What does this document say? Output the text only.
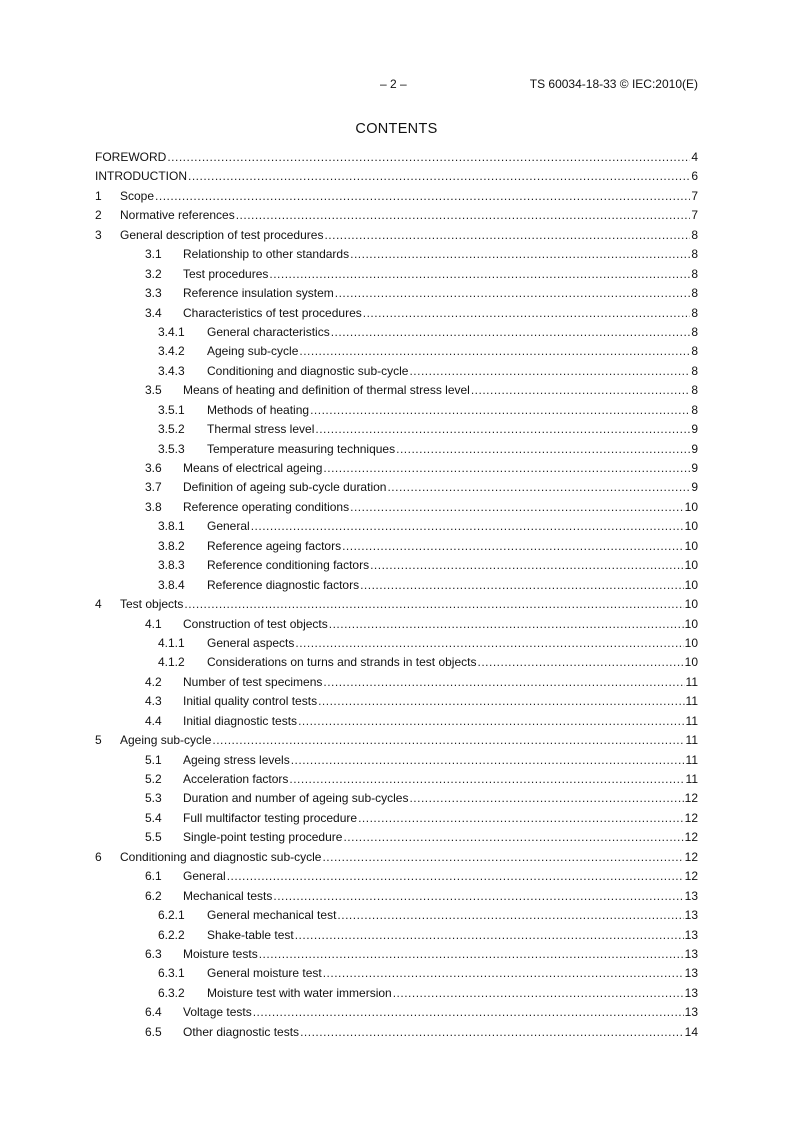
– 2 –	TS 60034-18-33 © IEC:2010(E)
CONTENTS
FOREWORD .....	4
INTRODUCTION .....	6
1	Scope .....	7
2	Normative references .....	7
3	General description of test procedures .....	8
3.1	Relationship to other standards .....	8
3.2	Test procedures .....	8
3.3	Reference insulation system .....	8
3.4	Characteristics of test procedures .....	8
3.4.1	General characteristics .....	8
3.4.2	Ageing sub-cycle .....	8
3.4.3	Conditioning and diagnostic sub-cycle .....	8
3.5	Means of heating and definition of thermal stress level .....	8
3.5.1	Methods of heating .....	8
3.5.2	Thermal stress level .....	9
3.5.3	Temperature measuring techniques .....	9
3.6	Means of electrical ageing .....	9
3.7	Definition of ageing sub-cycle duration .....	9
3.8	Reference operating conditions .....	10
3.8.1	General .....	10
3.8.2	Reference ageing factors .....	10
3.8.3	Reference conditioning factors .....	10
3.8.4	Reference diagnostic factors .....	10
4	Test objects .....	10
4.1	Construction of test objects .....	10
4.1.1	General aspects .....	10
4.1.2	Considerations on turns and strands in test objects .....	10
4.2	Number of test specimens .....	11
4.3	Initial quality control tests .....	11
4.4	Initial diagnostic tests .....	11
5	Ageing sub-cycle .....	11
5.1	Ageing stress levels .....	11
5.2	Acceleration factors .....	11
5.3	Duration and number of ageing sub-cycles .....	12
5.4	Full multifactor testing procedure .....	12
5.5	Single-point testing procedure .....	12
6	Conditioning and diagnostic sub-cycle .....	12
6.1	General .....	12
6.2	Mechanical tests .....	13
6.2.1	General mechanical test .....	13
6.2.2	Shake-table test .....	13
6.3	Moisture tests .....	13
6.3.1	General moisture test .....	13
6.3.2	Moisture test with water immersion .....	13
6.4	Voltage tests .....	13
6.5	Other diagnostic tests .....	14
